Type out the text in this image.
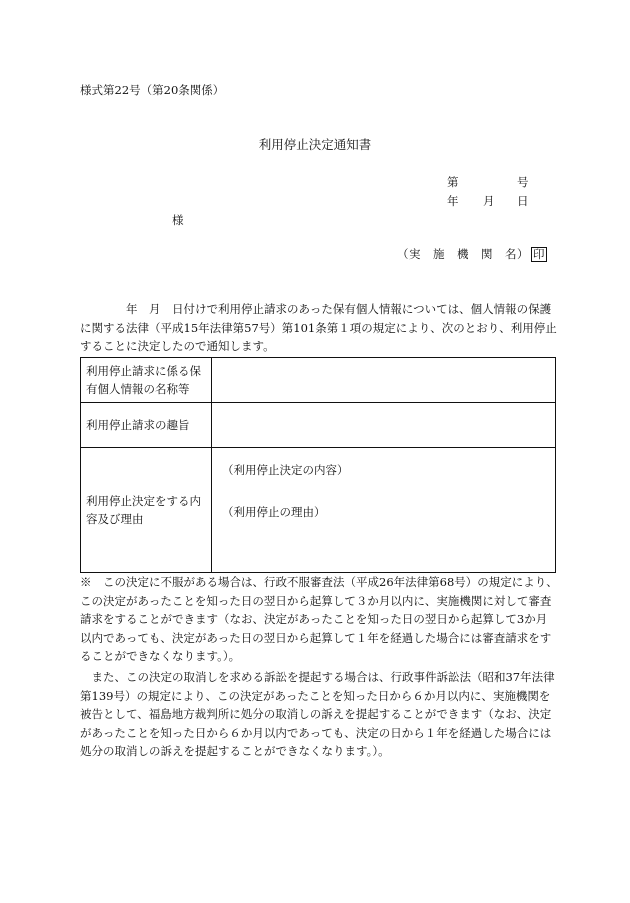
様式第22号（第20条関係）
利用停止決定通知書
第	号
年 月 日
様
（実　施　機　関　名） 印
　　　　年　月　日付けで利用停止請求のあった保有個人情報については、個人情報の保護に関する法律（平成15年法律第57号）第101条第１項の規定により、次のとおり、利用停止することに決定したので通知します。
利用停止請求に係る保有個人情報の名称等	
利用停止請求の趣旨	
利用停止決定をする内容及び理由	（利用停止決定の内容）
（利用停止の理由）
※　この決定に不服がある場合は、行政不服審査法（平成26年法律第68号）の規定により、この決定があったことを知った日の翌日から起算して３か月以内に、実施機関に対して審査請求をすることができます（なお、決定があったことを知った日の翌日から起算して3か月以内であっても、決定があった日の翌日から起算して１年を経過した場合には審査請求をすることができなくなります。）。
　また、この決定の取消しを求める訴訟を提起する場合は、行政事件訴訟法（昭和37年法律第139号）の規定により、この決定があったことを知った日から６か月以内に、実施機関を被告として、福島地方裁判所に処分の取消しの訴えを提起することができます（なお、決定があったことを知った日から６か月以内であっても、決定の日から１年を経過した場合には処分の取消しの訴えを提起することができなくなります。）。
